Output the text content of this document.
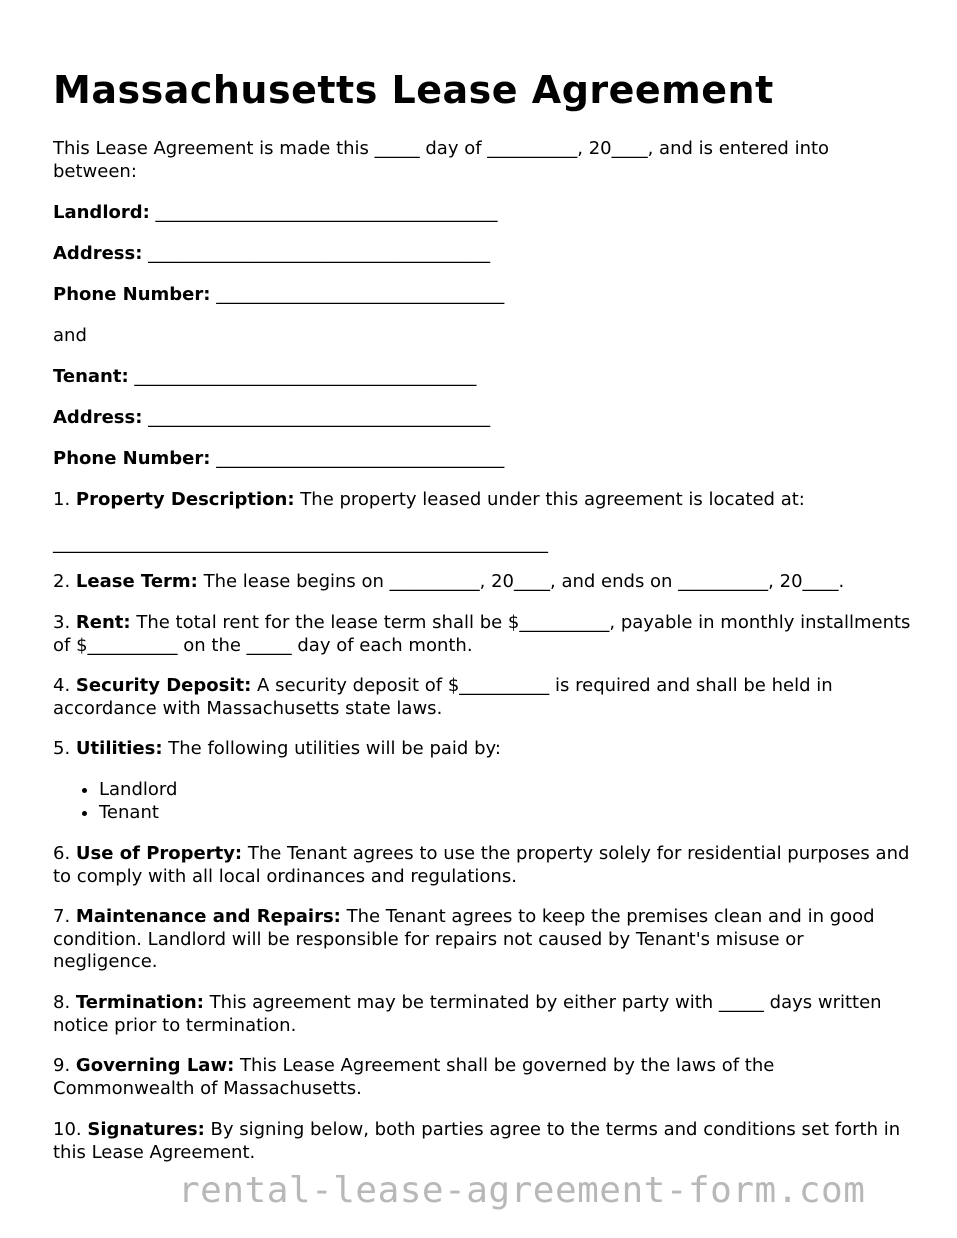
Massachusetts Lease Agreement

This Lease Agreement is made this _____ day of __________, 20____, and is entered into between:

Landlord: ______________________________________

Address: ______________________________________

Phone Number: ________________________________

and

Tenant: ______________________________________

Address: ______________________________________

Phone Number: ________________________________

1. Property Description: The property leased under this agreement is located at:

_______________________________________________________

2. Lease Term: The lease begins on __________, 20____, and ends on __________, 20____.

3. Rent: The total rent for the lease term shall be $__________, payable in monthly installments of $__________ on the _____ day of each month.

4. Security Deposit: A security deposit of $__________ is required and shall be held in accordance with Massachusetts state laws.

5. Utilities: The following utilities will be paid by:

• Landlord
• Tenant

6. Use of Property: The Tenant agrees to use the property solely for residential purposes and to comply with all local ordinances and regulations.

7. Maintenance and Repairs: The Tenant agrees to keep the premises clean and in good condition. Landlord will be responsible for repairs not caused by Tenant's misuse or negligence.

8. Termination: This agreement may be terminated by either party with _____ days written notice prior to termination.

9. Governing Law: This Lease Agreement shall be governed by the laws of the Commonwealth of Massachusetts.

10. Signatures: By signing below, both parties agree to the terms and conditions set forth in this Lease Agreement.

rental-lease-agreement-form.com
